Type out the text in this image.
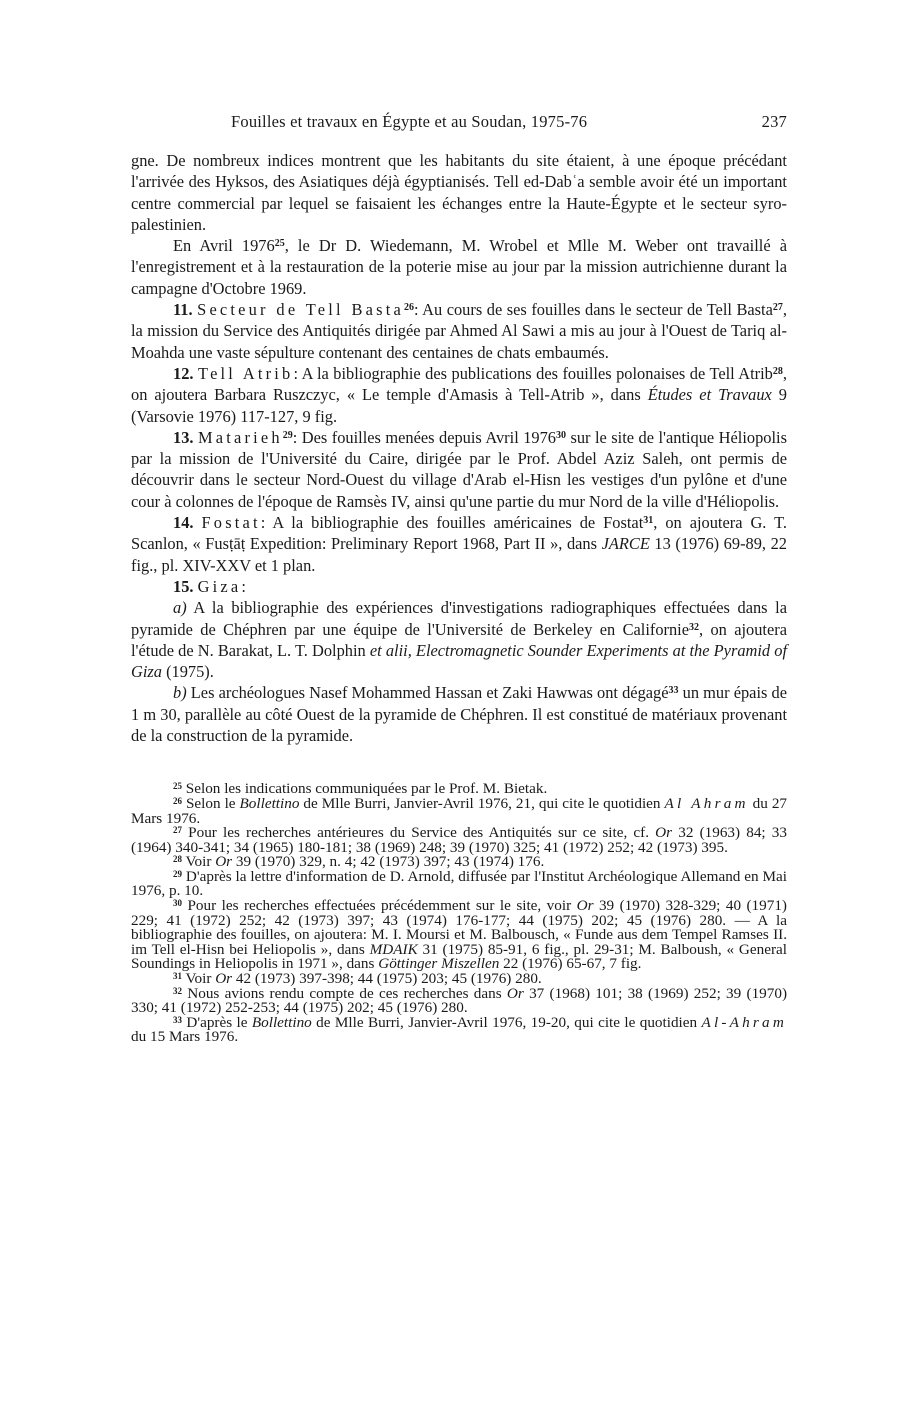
Fouilles et travaux en Égypte et au Soudan, 1975-76	237

gne. De nombreux indices montrent que les habitants du site étaient, à une époque précédant l'arrivée des Hyksos, des Asiatiques déjà égyptianisés. Tell ed-Dabʿa semble avoir été un important centre commercial par lequel se faisaient les échanges entre la Haute-Égypte et le secteur syro-palestinien.

En Avril 1976$^{25}$, le Dr D. Wiedemann, M. Wrobel et Mlle M. Weber ont travaillé à l'enregistrement et à la restauration de la poterie mise au jour par la mission autrichienne durant la campagne d'Octobre 1969.

11. Secteur de Tell Basta$^{26}$: Au cours de ses fouilles dans le secteur de Tell Basta$^{27}$, la mission du Service des Antiquités dirigée par Ahmed Al Sawi a mis au jour à l'Ouest de Tariq al-Moahda une vaste sépulture contenant des centaines de chats embaumés.

12. Tell Atrib: A la bibliographie des publications des fouilles polonaises de Tell Atrib$^{28}$, on ajoutera Barbara Ruszczyc, « Le temple d'Amasis à Tell-Atrib », dans Études et Travaux 9 (Varsovie 1976) 117-127, 9 fig.

13. Matarieh$^{29}$: Des fouilles menées depuis Avril 1976$^{30}$ sur le site de l'antique Héliopolis par la mission de l'Université du Caire, dirigée par le Prof. Abdel Aziz Saleh, ont permis de découvrir dans le secteur Nord-Ouest du village d'Arab el-Hisn les vestiges d'un pylône et d'une cour à colonnes de l'époque de Ramsès IV, ainsi qu'une partie du mur Nord de la ville d'Héliopolis.

14. Fostat: A la bibliographie des fouilles américaines de Fostat$^{31}$, on ajoutera G. T. Scanlon, « Fusṭāṭ Expedition: Preliminary Report 1968, Part II », dans JARCE 13 (1976) 69-89, 22 fig., pl. XIV-XXV et 1 plan.

15. Giza:

a) A la bibliographie des expériences d'investigations radiographiques effectuées dans la pyramide de Chéphren par une équipe de l'Université de Berkeley en Californie$^{32}$, on ajoutera l'étude de N. Barakat, L. T. Dolphin et alii, Electromagnetic Sounder Experiments at the Pyramid of Giza (1975).

b) Les archéologues Nasef Mohammed Hassan et Zaki Hawwas ont dégagé$^{33}$ un mur épais de 1 m 30, parallèle au côté Ouest de la pyramide de Chéphren. Il est constitué de matériaux provenant de la construction de la pyramide.

$^{25}$ Selon les indications communiquées par le Prof. M. Bietak.

$^{26}$ Selon le Bollettino de Mlle Burri, Janvier-Avril 1976, 21, qui cite le quotidien Al Ahram du 27 Mars 1976.

$^{27}$ Pour les recherches antérieures du Service des Antiquités sur ce site, cf. Or 32 (1963) 84; 33 (1964) 340-341; 34 (1965) 180-181; 38 (1969) 248; 39 (1970) 325; 41 (1972) 252; 42 (1973) 395.

$^{28}$ Voir Or 39 (1970) 329, n. 4; 42 (1973) 397; 43 (1974) 176.

$^{29}$ D'après la lettre d'information de D. Arnold, diffusée par l'Institut Archéologique Allemand en Mai 1976, p. 10.

$^{30}$ Pour les recherches effectuées précédemment sur le site, voir Or 39 (1970) 328-329; 40 (1971) 229; 41 (1972) 252; 42 (1973) 397; 43 (1974) 176-177; 44 (1975) 202; 45 (1976) 280. — A la bibliographie des fouilles, on ajoutera: M. I. Moursi et M. Balbousch, « Funde aus dem Tempel Ramses II. im Tell el-Hisn bei Heliopolis », dans MDAIK 31 (1975) 85-91, 6 fig., pl. 29-31; M. Balboush, « General Soundings in Heliopolis in 1971 », dans Göttinger Miszellen 22 (1976) 65-67, 7 fig.

$^{31}$ Voir Or 42 (1973) 397-398; 44 (1975) 203; 45 (1976) 280.

$^{32}$ Nous avions rendu compte de ces recherches dans Or 37 (1968) 101; 38 (1969) 252; 39 (1970) 330; 41 (1972) 252-253; 44 (1975) 202; 45 (1976) 280.

$^{33}$ D'après le Bollettino de Mlle Burri, Janvier-Avril 1976, 19-20, qui cite le quotidien Al-Ahram du 15 Mars 1976.
